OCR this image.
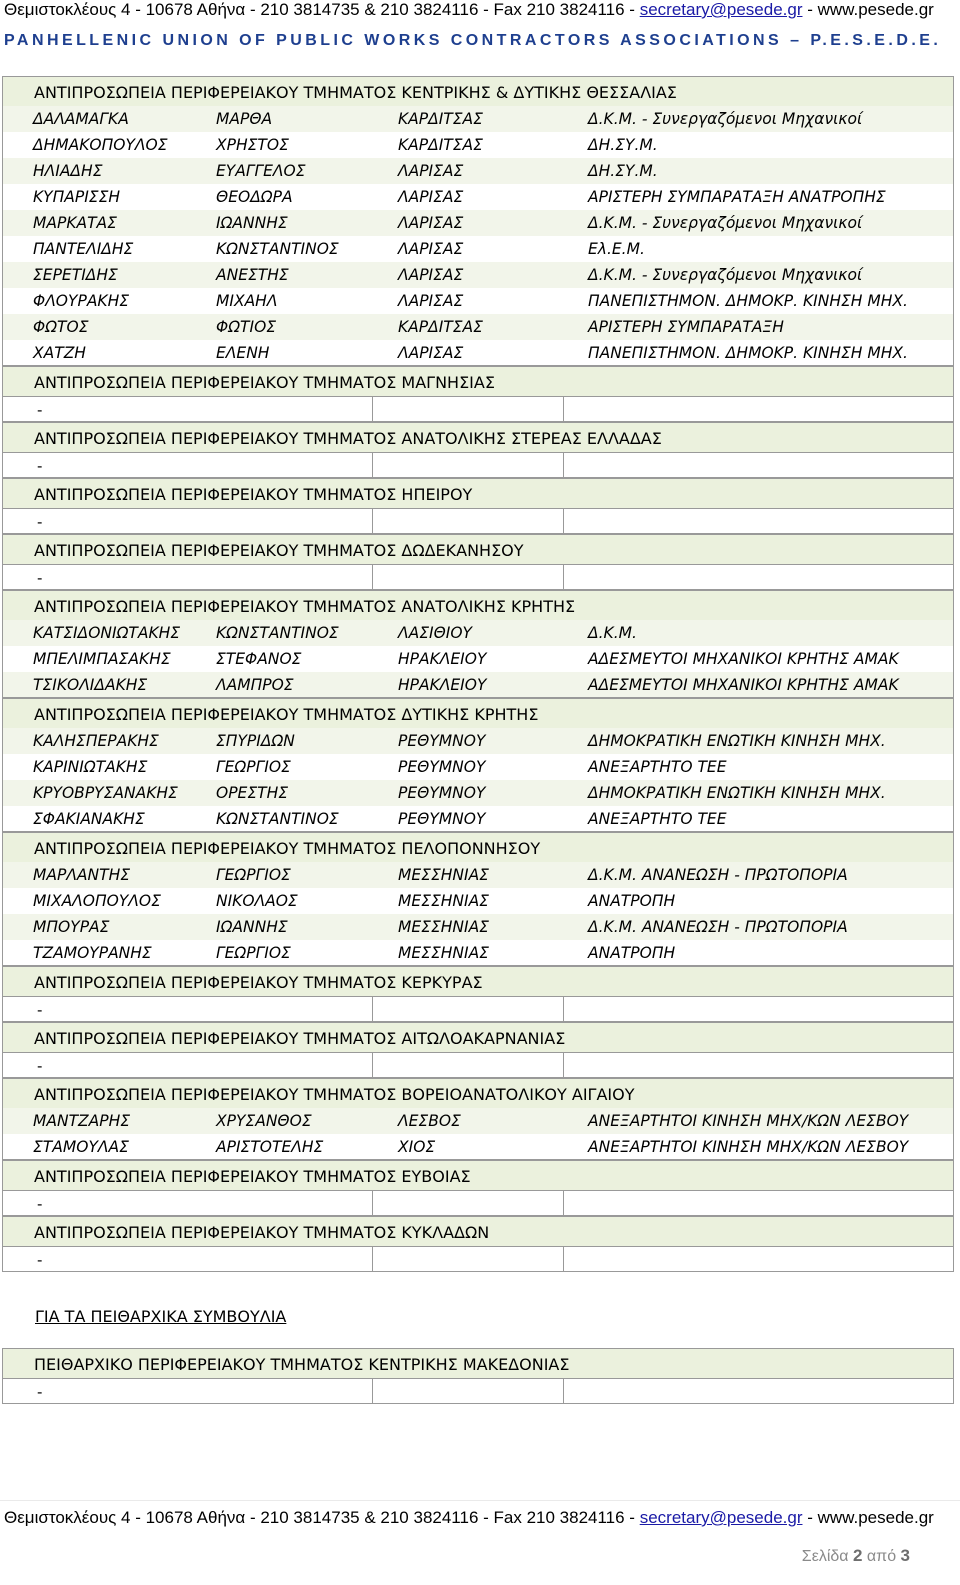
Θεμιστοκλέους 4 - 10678 Αθήνα - 210 3814735 & 210 3824116 - Fax 210 3824116 - secretary@pesede.gr - www.pesede.gr
PANHELLENIC UNION OF PUBLIC WORKS CONTRACTORS ASSOCIATIONS – P.E.S.E.D.E.
ΑΝΤΙΠΡΟΣΩΠΕΙΑ ΠΕΡΙΦΕΡΕΙΑΚΟΥ ΤΜΗΜΑΤΟΣ ΚΕΝΤΡΙΚΗΣ & ΔΥΤΙΚΗΣ ΘΕΣΣΑΛΙΑΣ
ΔΑΛΑΜΑΓΚΑ	ΜΑΡΘΑ	ΚΑΡΔΙΤΣΑΣ	Δ.Κ.Μ. - Συνεργαζόμενοι Μηχανικοί
ΔΗΜΑΚΟΠΟΥΛΟΣ	ΧΡΗΣΤΟΣ	ΚΑΡΔΙΤΣΑΣ	ΔΗ.ΣΥ.Μ.
ΗΛΙΑΔΗΣ	ΕΥΑΓΓΕΛΟΣ	ΛΑΡΙΣΑΣ	ΔΗ.ΣΥ.Μ.
ΚΥΠΑΡΙΣΣΗ	ΘΕΟΔΩΡΑ	ΛΑΡΙΣΑΣ	ΑΡΙΣΤΕΡΗ ΣΥΜΠΑΡΑΤΑΞΗ ΑΝΑΤΡΟΠΗΣ
ΜΑΡΚΑΤΑΣ	ΙΩΑΝΝΗΣ	ΛΑΡΙΣΑΣ	Δ.Κ.Μ. - Συνεργαζόμενοι Μηχανικοί
ΠΑΝΤΕΛΙΔΗΣ	ΚΩΝΣΤΑΝΤΙΝΟΣ	ΛΑΡΙΣΑΣ	Ελ.Ε.Μ.
ΣΕΡΕΤΙΔΗΣ	ΑΝΕΣΤΗΣ	ΛΑΡΙΣΑΣ	Δ.Κ.Μ. - Συνεργαζόμενοι Μηχανικοί
ΦΛΟΥΡΑΚΗΣ	ΜΙΧΑΗΛ	ΛΑΡΙΣΑΣ	ΠΑΝΕΠΙΣΤΗΜΟΝ. ΔΗΜΟΚΡ. ΚΙΝΗΣΗ ΜΗΧ.
ΦΩΤΟΣ	ΦΩΤΙΟΣ	ΚΑΡΔΙΤΣΑΣ	ΑΡΙΣΤΕΡΗ ΣΥΜΠΑΡΑΤΑΞΗ
ΧΑΤΖΗ	ΕΛΕΝΗ	ΛΑΡΙΣΑΣ	ΠΑΝΕΠΙΣΤΗΜΟΝ. ΔΗΜΟΚΡ. ΚΙΝΗΣΗ ΜΗΧ.
ΑΝΤΙΠΡΟΣΩΠΕΙΑ ΠΕΡΙΦΕΡΕΙΑΚΟΥ ΤΜΗΜΑΤΟΣ ΜΑΓΝΗΣΙΑΣ
-
ΑΝΤΙΠΡΟΣΩΠΕΙΑ ΠΕΡΙΦΕΡΕΙΑΚΟΥ ΤΜΗΜΑΤΟΣ ΑΝΑΤΟΛΙΚΗΣ ΣΤΕΡΕΑΣ ΕΛΛΑΔΑΣ
-
ΑΝΤΙΠΡΟΣΩΠΕΙΑ ΠΕΡΙΦΕΡΕΙΑΚΟΥ ΤΜΗΜΑΤΟΣ ΗΠΕΙΡΟΥ
-
ΑΝΤΙΠΡΟΣΩΠΕΙΑ ΠΕΡΙΦΕΡΕΙΑΚΟΥ ΤΜΗΜΑΤΟΣ ΔΩΔΕΚΑΝΗΣΟΥ
-
ΑΝΤΙΠΡΟΣΩΠΕΙΑ ΠΕΡΙΦΕΡΕΙΑΚΟΥ ΤΜΗΜΑΤΟΣ ΑΝΑΤΟΛΙΚΗΣ ΚΡΗΤΗΣ
ΚΑΤΣΙΔΟΝΙΩΤΑΚΗΣ	ΚΩΝΣΤΑΝΤΙΝΟΣ	ΛΑΣΙΘΙΟΥ	Δ.Κ.Μ.
ΜΠΕΛΙΜΠΑΣΑΚΗΣ	ΣΤΕΦΑΝΟΣ	ΗΡΑΚΛΕΙΟΥ	ΑΔΕΣΜΕΥΤΟΙ ΜΗΧΑΝΙΚΟΙ ΚΡΗΤΗΣ ΑΜΑΚ
ΤΣΙΚΟΛΙΔΑΚΗΣ	ΛΑΜΠΡΟΣ	ΗΡΑΚΛΕΙΟΥ	ΑΔΕΣΜΕΥΤΟΙ ΜΗΧΑΝΙΚΟΙ ΚΡΗΤΗΣ ΑΜΑΚ
ΑΝΤΙΠΡΟΣΩΠΕΙΑ ΠΕΡΙΦΕΡΕΙΑΚΟΥ ΤΜΗΜΑΤΟΣ ΔΥΤΙΚΗΣ ΚΡΗΤΗΣ
ΚΑΛΗΣΠΕΡΑΚΗΣ	ΣΠΥΡΙΔΩΝ	ΡΕΘΥΜΝΟΥ	ΔΗΜΟΚΡΑΤΙΚΗ ΕΝΩΤΙΚΗ ΚΙΝΗΣΗ ΜΗΧ.
ΚΑΡΙΝΙΩΤΑΚΗΣ	ΓΕΩΡΓΙΟΣ	ΡΕΘΥΜΝΟΥ	ΑΝΕΞΑΡΤΗΤΟ ΤΕΕ
ΚΡΥΟΒΡΥΣΑΝΑΚΗΣ	ΟΡΕΣΤΗΣ	ΡΕΘΥΜΝΟΥ	ΔΗΜΟΚΡΑΤΙΚΗ ΕΝΩΤΙΚΗ ΚΙΝΗΣΗ ΜΗΧ.
ΣΦΑΚΙΑΝΑΚΗΣ	ΚΩΝΣΤΑΝΤΙΝΟΣ	ΡΕΘΥΜΝΟΥ	ΑΝΕΞΑΡΤΗΤΟ ΤΕΕ
ΑΝΤΙΠΡΟΣΩΠΕΙΑ ΠΕΡΙΦΕΡΕΙΑΚΟΥ ΤΜΗΜΑΤΟΣ ΠΕΛΟΠΟΝΝΗΣΟΥ
ΜΑΡΛΑΝΤΗΣ	ΓΕΩΡΓΙΟΣ	ΜΕΣΣΗΝΙΑΣ	Δ.Κ.Μ. ΑΝΑΝΕΩΣΗ - ΠΡΩΤΟΠΟΡΙΑ
ΜΙΧΑΛΟΠΟΥΛΟΣ	ΝΙΚΟΛΑΟΣ	ΜΕΣΣΗΝΙΑΣ	ΑΝΑΤΡΟΠΗ
ΜΠΟΥΡΑΣ	ΙΩΑΝΝΗΣ	ΜΕΣΣΗΝΙΑΣ	Δ.Κ.Μ. ΑΝΑΝΕΩΣΗ - ΠΡΩΤΟΠΟΡΙΑ
ΤΖΑΜΟΥΡΑΝΗΣ	ΓΕΩΡΓΙΟΣ	ΜΕΣΣΗΝΙΑΣ	ΑΝΑΤΡΟΠΗ
ΑΝΤΙΠΡΟΣΩΠΕΙΑ ΠΕΡΙΦΕΡΕΙΑΚΟΥ ΤΜΗΜΑΤΟΣ ΚΕΡΚΥΡΑΣ
-
ΑΝΤΙΠΡΟΣΩΠΕΙΑ ΠΕΡΙΦΕΡΕΙΑΚΟΥ ΤΜΗΜΑΤΟΣ ΑΙΤΩΛΟΑΚΑΡΝΑΝΙΑΣ
-
ΑΝΤΙΠΡΟΣΩΠΕΙΑ ΠΕΡΙΦΕΡΕΙΑΚΟΥ ΤΜΗΜΑΤΟΣ ΒΟΡΕΙΟΑΝΑΤΟΛΙΚΟΥ ΑΙΓΑΙΟΥ
ΜΑΝΤΖΑΡΗΣ	ΧΡΥΣΑΝΘΟΣ	ΛΕΣΒΟΣ	ΑΝΕΞΑΡΤΗΤΟΙ ΚΙΝΗΣΗ ΜΗΧ/ΚΩΝ ΛΕΣΒΟΥ
ΣΤΑΜΟΥΛΑΣ	ΑΡΙΣΤΟΤΕΛΗΣ	ΧΙΟΣ	ΑΝΕΞΑΡΤΗΤΟΙ ΚΙΝΗΣΗ ΜΗΧ/ΚΩΝ ΛΕΣΒΟΥ
ΑΝΤΙΠΡΟΣΩΠΕΙΑ ΠΕΡΙΦΕΡΕΙΑΚΟΥ ΤΜΗΜΑΤΟΣ ΕΥΒΟΙΑΣ
-
ΑΝΤΙΠΡΟΣΩΠΕΙΑ ΠΕΡΙΦΕΡΕΙΑΚΟΥ ΤΜΗΜΑΤΟΣ ΚΥΚΛΑΔΩΝ
-
ΓΙΑ ΤΑ ΠΕΙΘΑΡΧΙΚΑ ΣΥΜΒΟΥΛΙΑ
ΠΕΙΘΑΡΧΙΚΟ ΠΕΡΙΦΕΡΕΙΑΚΟΥ ΤΜΗΜΑΤΟΣ ΚΕΝΤΡΙΚΗΣ ΜΑΚΕΔΟΝΙΑΣ
-
Θεμιστοκλέους 4 - 10678 Αθήνα - 210 3814735 & 210 3824116 - Fax 210 3824116 - secretary@pesede.gr - www.pesede.gr
Σελίδα 2 από 3
